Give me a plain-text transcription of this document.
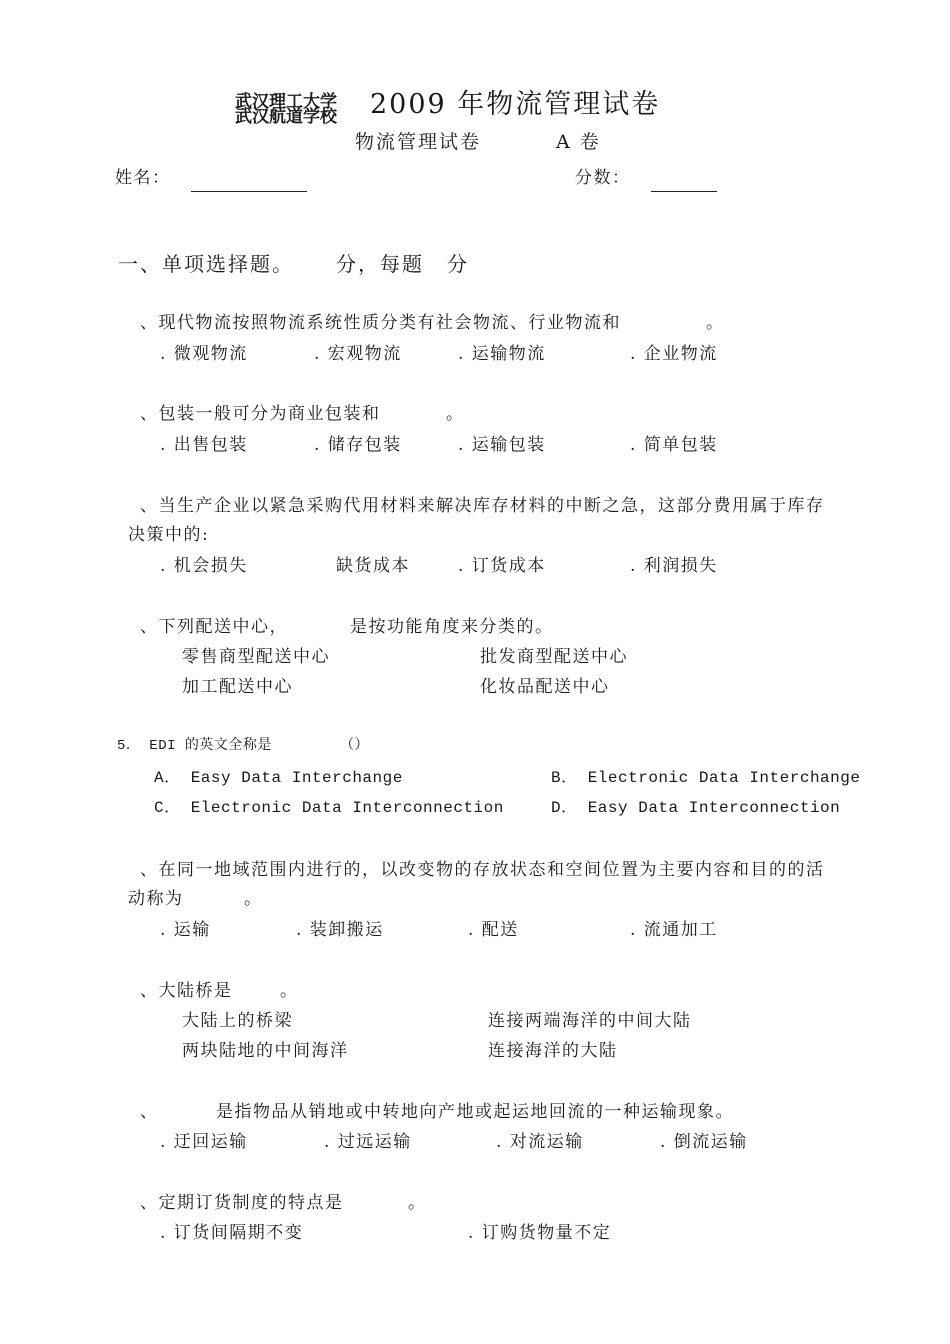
武汉理工大学
武汉航道学校 2009 年物流管理试卷
物流管理试卷	A 卷
姓名：	分数：
一、单项选择题。 分，每题 分
、现代物流按照物流系统性质分类有社会物流、行业物流和	。
. 微观物流	. 宏观物流	. 运输物流	. 企业物流
、包装一般可分为商业包装和	。
. 出售包装	. 储存包装	. 运输包装	. 简单包装
、当生产企业以紧急采购代用材料来解决库存材料的中断之急，这部分费用属于库存
决策中的:
. 机会损失	缺货成本	. 订货成本	. 利润损失
、下列配送中心，	是按功能角度来分类的。
零售商型配送中心	批发商型配送中心
加工配送中心	化妆品配送中心
5． EDI 的英文全称是	（）
A． Easy Data Interchange	B． Electronic Data Interchange
C． Electronic Data Interconnection	D． Easy Data Interconnection
、在同一地域范围内进行的，以改变物的存放状态和空间位置为主要内容和目的的活
动称为	。
. 运输	. 装卸搬运	. 配送	. 流通加工
、大陆桥是	。
大陆上的桥梁	连接两端海洋的中间大陆
两块陆地的中间海洋	连接海洋的大陆
、	是指物品从销地或中转地向产地或起运地回流的一种运输现象。
. 迂回运输	. 过远运输	. 对流运输	. 倒流运输
、定期订货制度的特点是	。
. 订货间隔期不变	. 订购货物量不定
